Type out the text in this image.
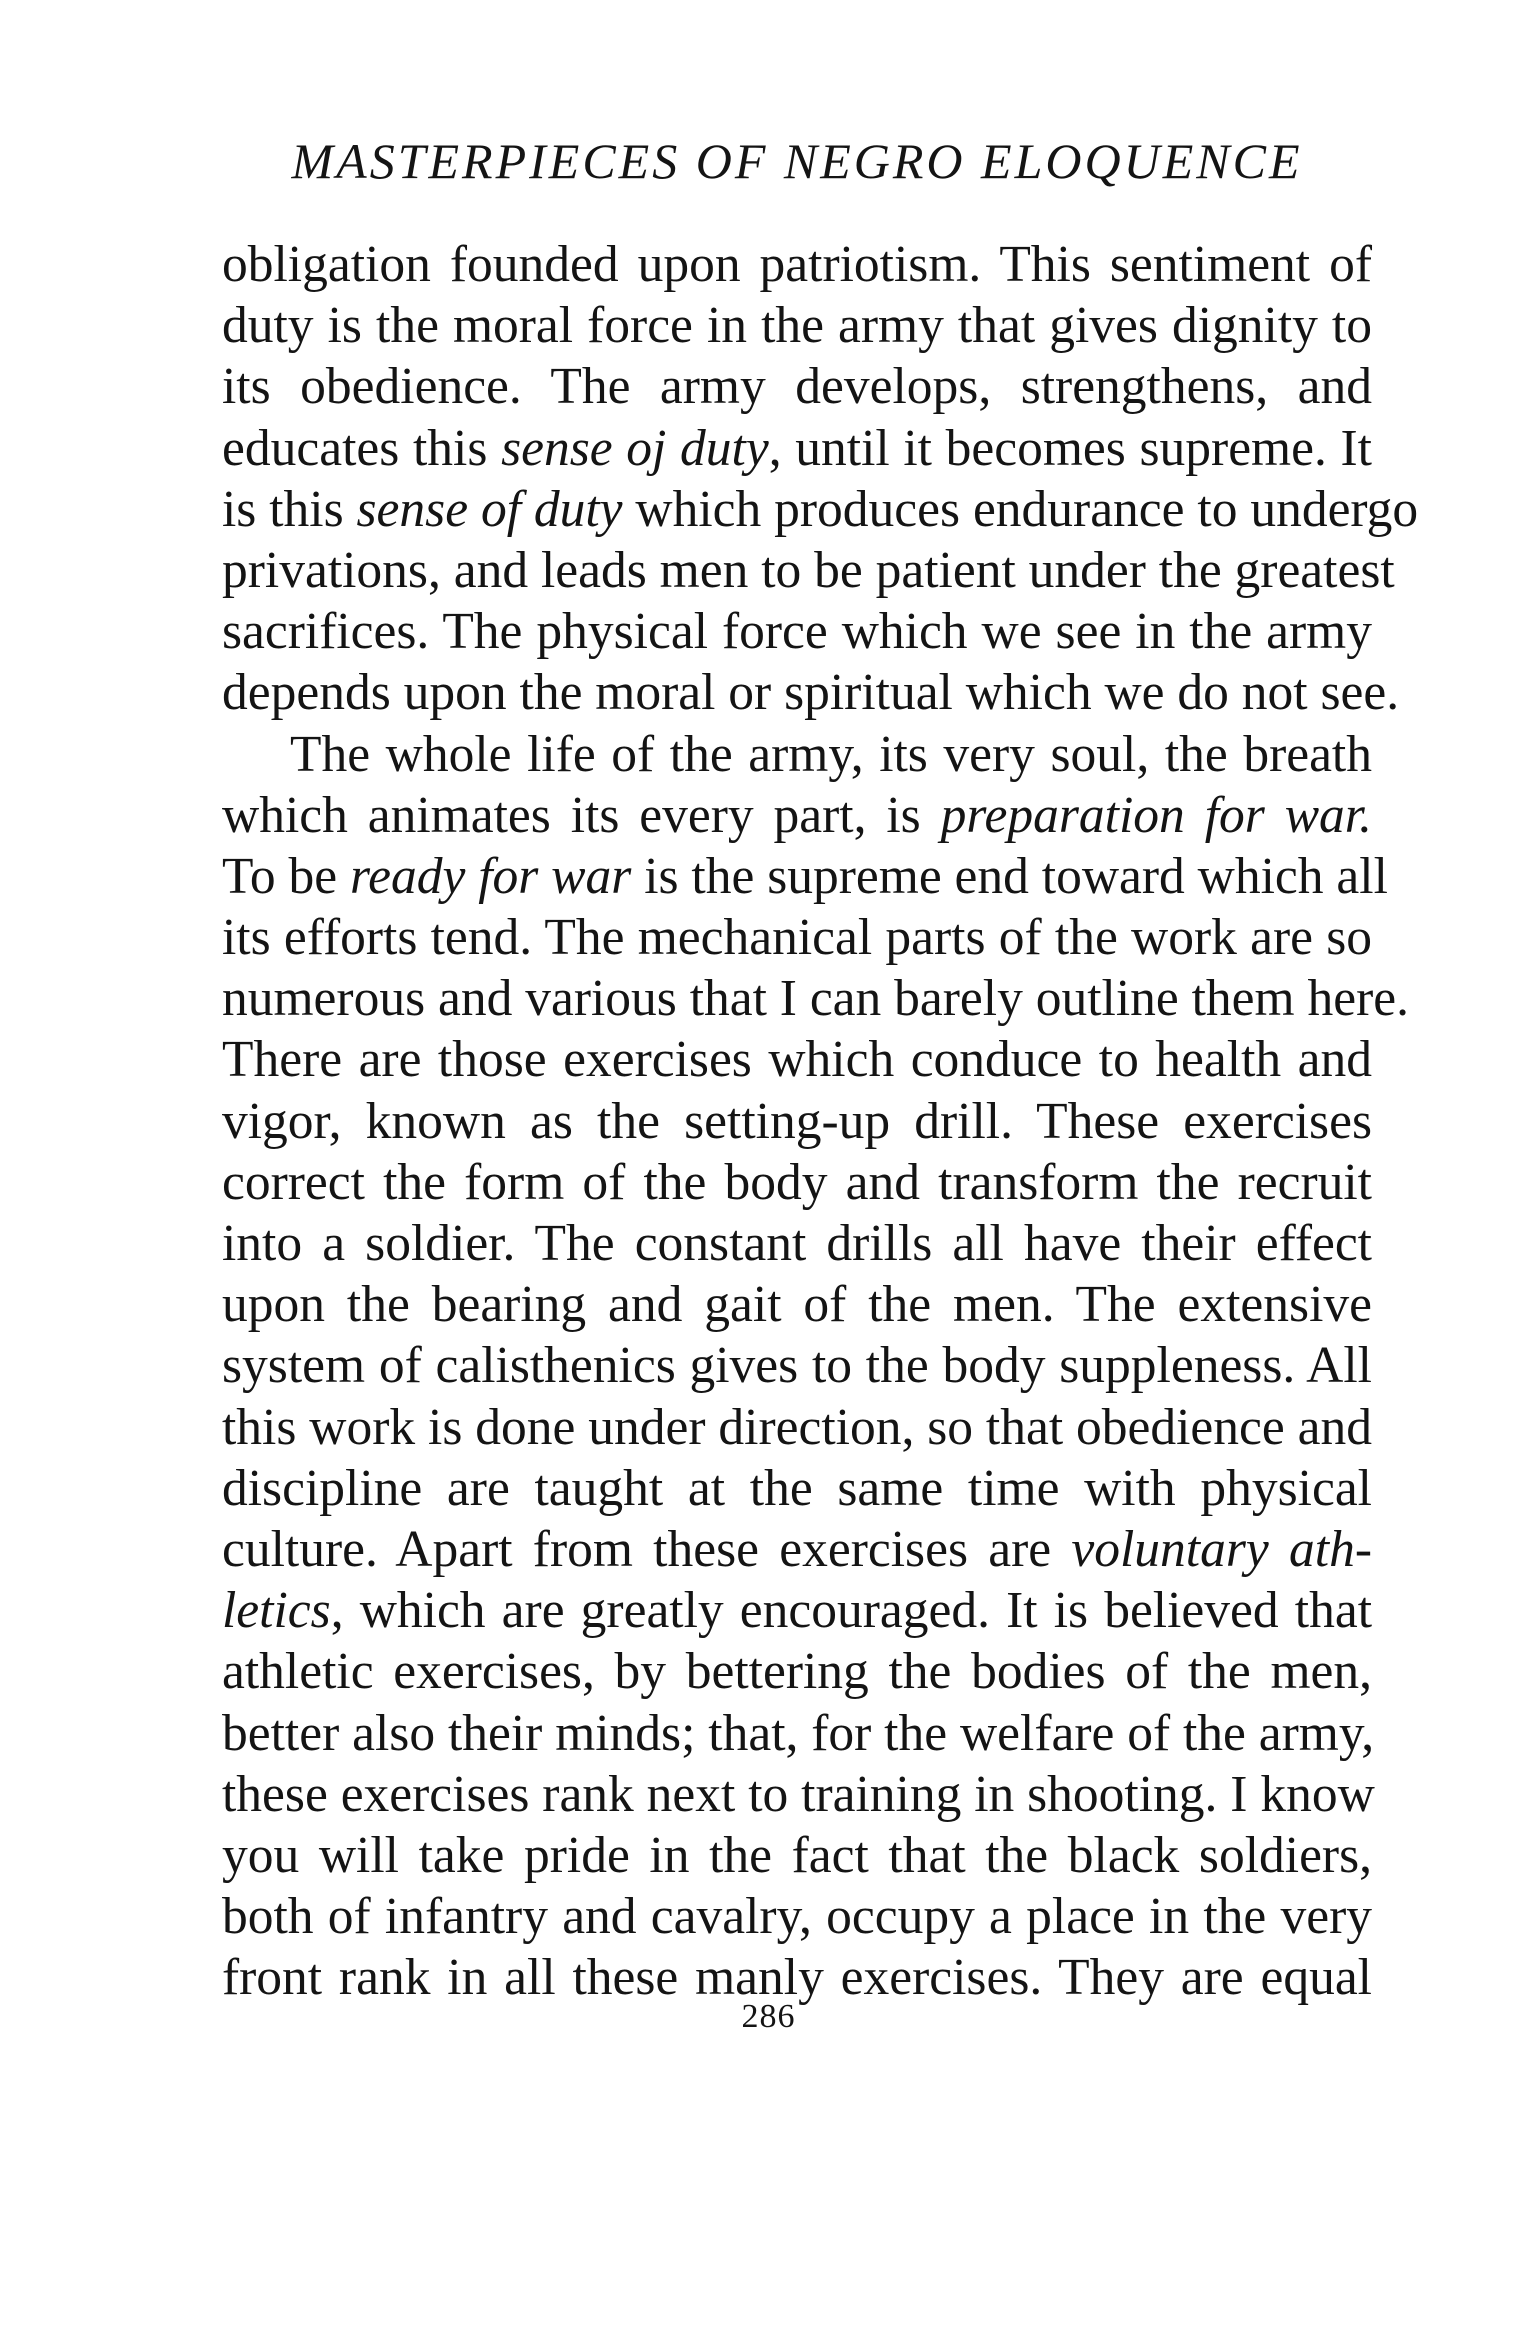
MASTERPIECES OF NEGRO ELOQUENCE
obligation founded upon patriotism. This sentiment of
duty is the moral force in the army that gives dignity to
its obedience. The army develops, strengthens, and
educates this sense oj duty, until it becomes supreme. It
is this sense of duty which produces endurance to undergo
privations, and leads men to be patient under the greatest
sacrifices. The physical force which we see in the army
depends upon the moral or spiritual which we do not see.
The whole life of the army, its very soul, the breath
which animates its every part, is preparation for war.
To be ready for war is the supreme end toward which all
its efforts tend. The mechanical parts of the work are so
numerous and various that I can barely outline them here.
There are those exercises which conduce to health and
vigor, known as the setting-up drill. These exercises
correct the form of the body and transform the recruit
into a soldier. The constant drills all have their effect
upon the bearing and gait of the men. The extensive
system of calisthenics gives to the body suppleness. All
this work is done under direction, so that obedience and
discipline are taught at the same time with physical
culture. Apart from these exercises are voluntary ath-
letics, which are greatly encouraged. It is believed that
athletic exercises, by bettering the bodies of the men,
better also their minds; that, for the welfare of the army,
these exercises rank next to training in shooting. I know
you will take pride in the fact that the black soldiers,
both of infantry and cavalry, occupy a place in the very
front rank in all these manly exercises. They are equal
286
